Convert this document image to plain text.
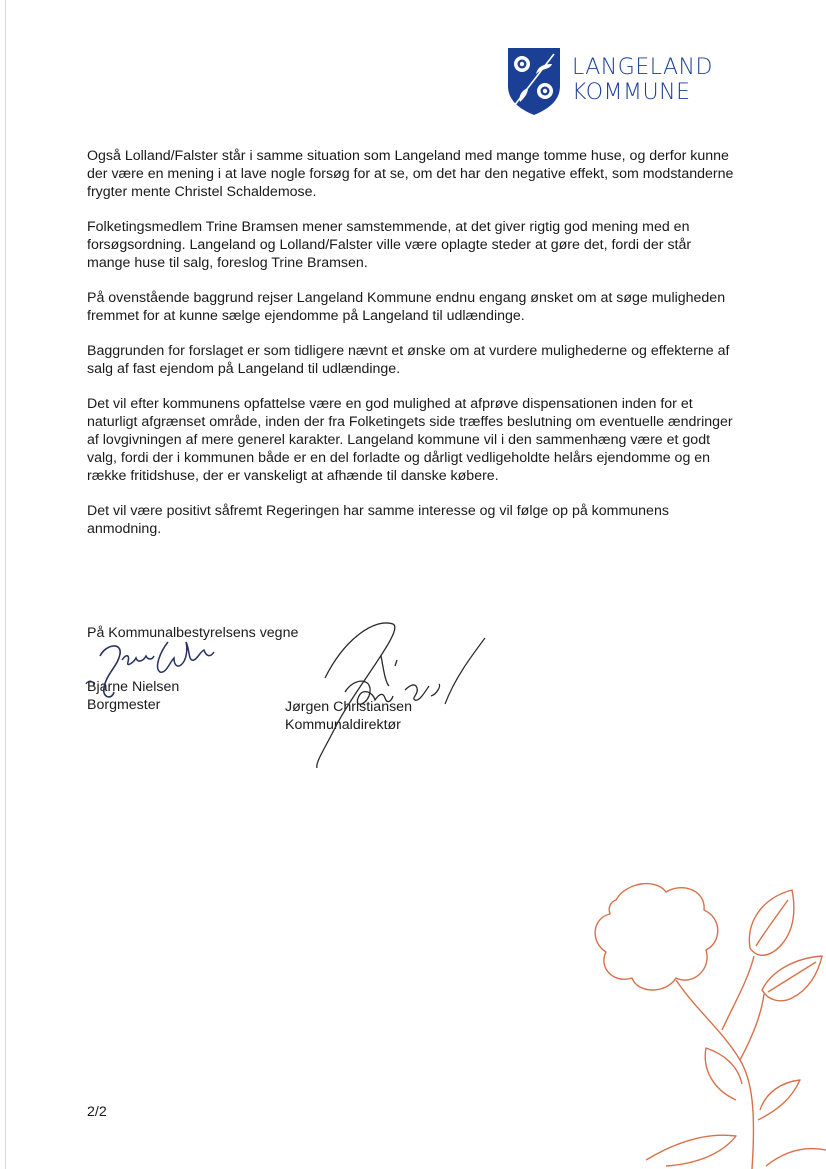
LANGELAND
KOMMUNE

Også Lolland/Falster står i samme situation som Langeland med mange tomme huse, og derfor kunne der være en mening i at lave nogle forsøg for at se, om det har den negative effekt, som modstanderne frygter mente Christel Schaldemose.

Folketingsmedlem Trine Bramsen mener samstemmende, at det giver rigtig god mening med en forsøgsordning. Langeland og Lolland/Falster ville være oplagte steder at gøre det, fordi der står mange huse til salg, foreslog Trine Bramsen.

På ovenstående baggrund rejser Langeland Kommune endnu engang ønsket om at søge muligheden fremmet for at kunne sælge ejendomme på Langeland til udlændinge.

Baggrunden for forslaget er som tidligere nævnt et ønske om at vurdere mulighederne og effekterne af salg af fast ejendom på Langeland til udlændinge.

Det vil efter kommunens opfattelse være en god mulighed at afprøve dispensationen inden for et naturligt afgrænset område, inden der fra Folketingets side træffes beslutning om eventuelle ændringer af lovgivningen af mere generel karakter. Langeland kommune vil i den sammenhæng være et godt valg, fordi der i kommunen både er en del forladte og dårligt vedligeholdte helårs ejendomme og en række fritidshuse, der er vanskeligt at afhænde til danske købere.

Det vil være positivt såfremt Regeringen har samme interesse og vil følge op på kommunens anmodning.

På Kommunalbestyrelsens vegne
Bjarne Nielsen
Borgmester	Jørgen Christiansen
Kommunaldirektør
2/2
